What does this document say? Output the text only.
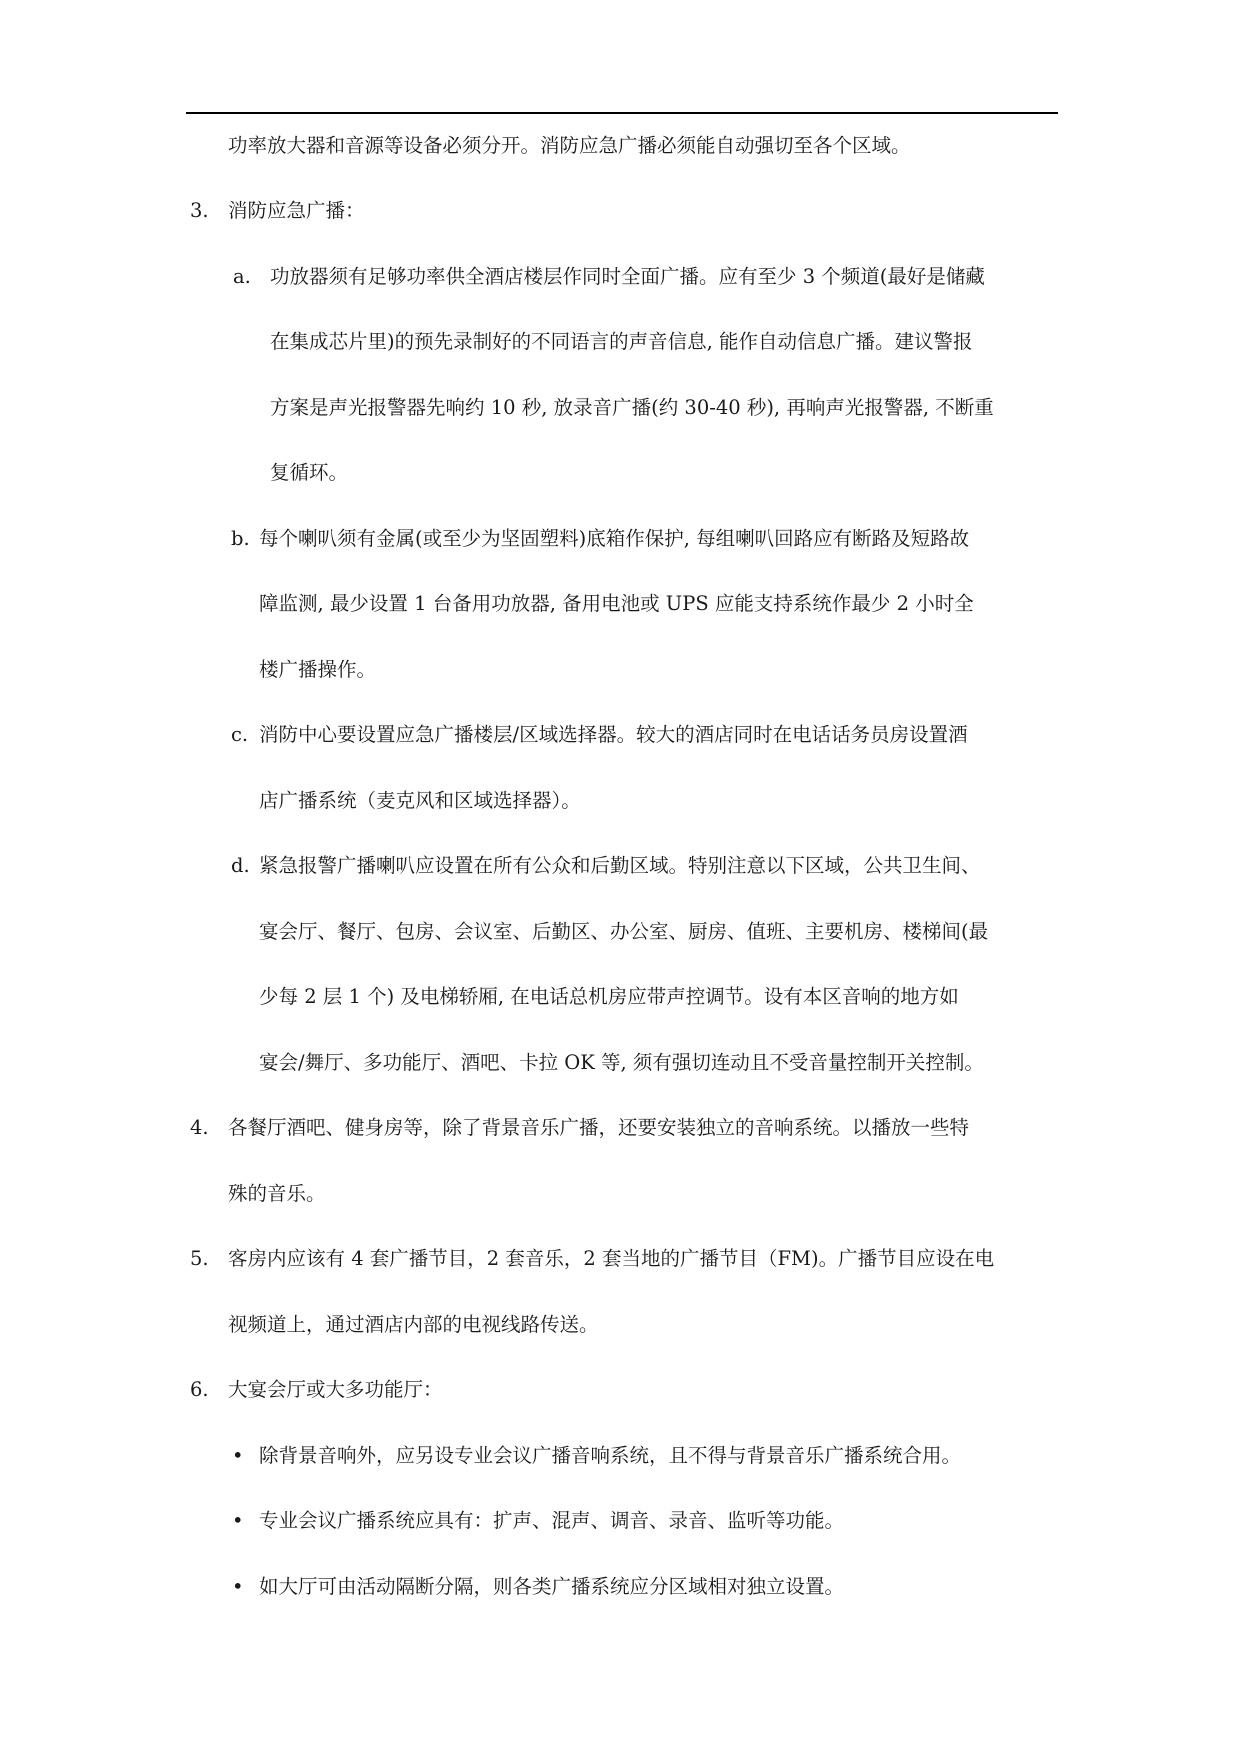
功率放大器和音源等设备必须分开。消防应急广播必须能自动强切至各个区域。

3. 消防应急广播：

a. 功放器须有足够功率供全酒店楼层作同时全面广播。应有至少 3 个频道(最好是储藏

在集成芯片里)的预先录制好的不同语言的声音信息, 能作自动信息广播。建议警报

方案是声光报警器先响约 10 秒, 放录音广播(约 30-40 秒), 再响声光报警器, 不断重

复循环。

b. 每个喇叭须有金属(或至少为坚固塑料)底箱作保护, 每组喇叭回路应有断路及短路故

障监测, 最少设置 1 台备用功放器, 备用电池或 UPS 应能支持系统作最少 2 小时全

楼广播操作。

c. 消防中心要设置应急广播楼层/区域选择器。较大的酒店同时在电话话务员房设置酒

店广播系统（麦克风和区域选择器）。

d. 紧急报警广播喇叭应设置在所有公众和后勤区域。特别注意以下区域，公共卫生间、

宴会厅、餐厅、包房、会议室、后勤区、办公室、厨房、值班、主要机房、楼梯间(最

少每 2 层 1 个) 及电梯轿厢, 在电话总机房应带声控调节。设有本区音响的地方如

宴会/舞厅、多功能厅、酒吧、卡拉 OK 等, 须有强切连动且不受音量控制开关控制。

4. 各餐厅酒吧、健身房等，除了背景音乐广播，还要安装独立的音响系统。以播放一些特

殊的音乐。

5. 客房内应该有 4 套广播节目，2 套音乐，2 套当地的广播节目（FM)。广播节目应设在电

视频道上，通过酒店内部的电视线路传送。

6. 大宴会厅或大多功能厅：

• 除背景音响外，应另设专业会议广播音响系统，且不得与背景音乐广播系统合用。

• 专业会议广播系统应具有：扩声、混声、调音、录音、监听等功能。

• 如大厅可由活动隔断分隔，则各类广播系统应分区域相对独立设置。
